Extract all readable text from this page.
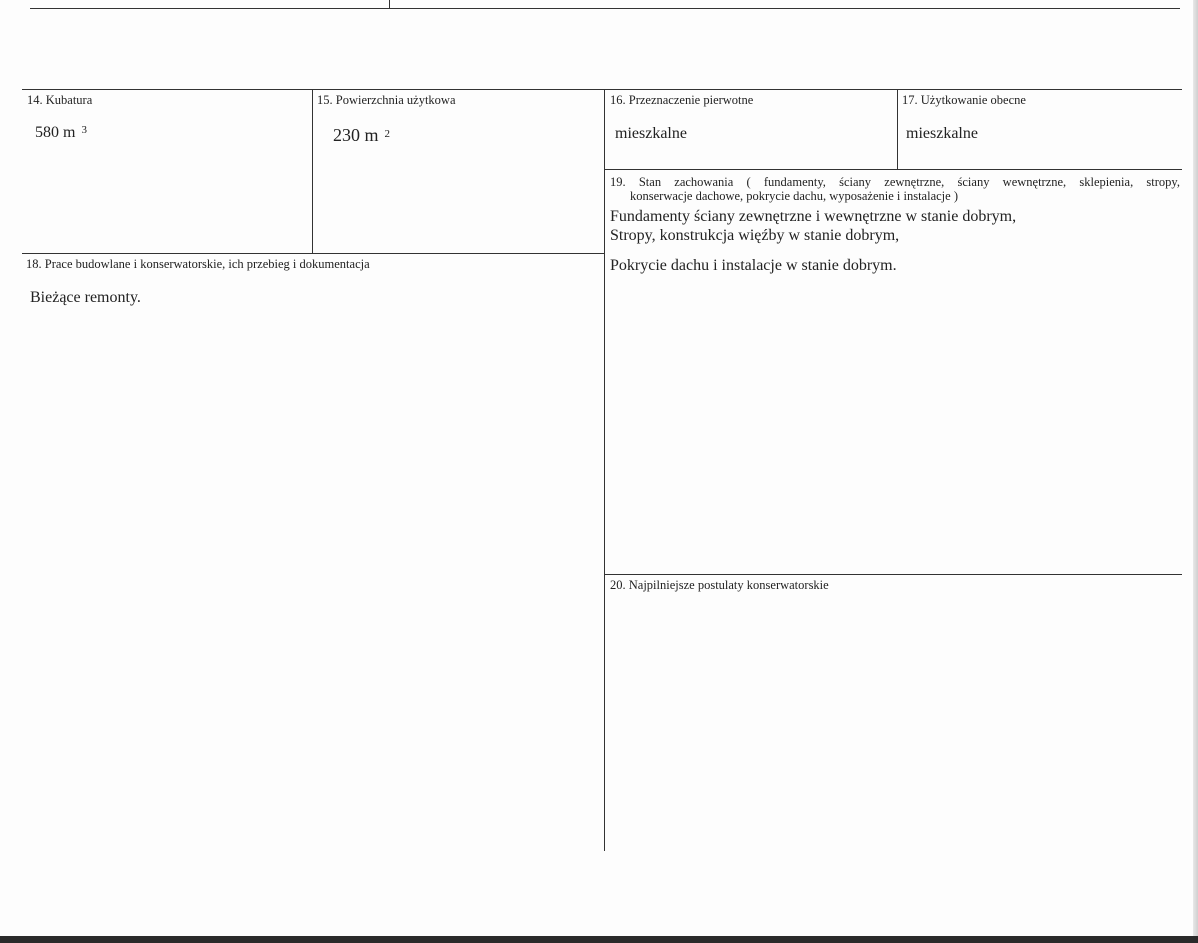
14. Kubatura
580 m $^3$
15. Powierzchnia użytkowa
230 m $^2$
16. Przeznaczenie pierwotne
mieszkalne
17. Użytkowanie obecne
mieszkalne
19. Stan zachowania ( fundamenty, ściany zewnętrzne, ściany wewnętrzne, sklepienia, stropy,
konserwacje dachowe, pokrycie dachu, wyposażenie i instalacje )
Fundamenty ściany zewnętrzne i wewnętrzne w stanie dobrym,
Stropy, konstrukcja więźby w stanie dobrym,
Pokrycie dachu i instalacje w stanie dobrym.
18. Prace budowlane i konserwatorskie, ich przebieg i dokumentacja
Bieżące remonty.
20. Najpilniejsze postulaty konserwatorskie
